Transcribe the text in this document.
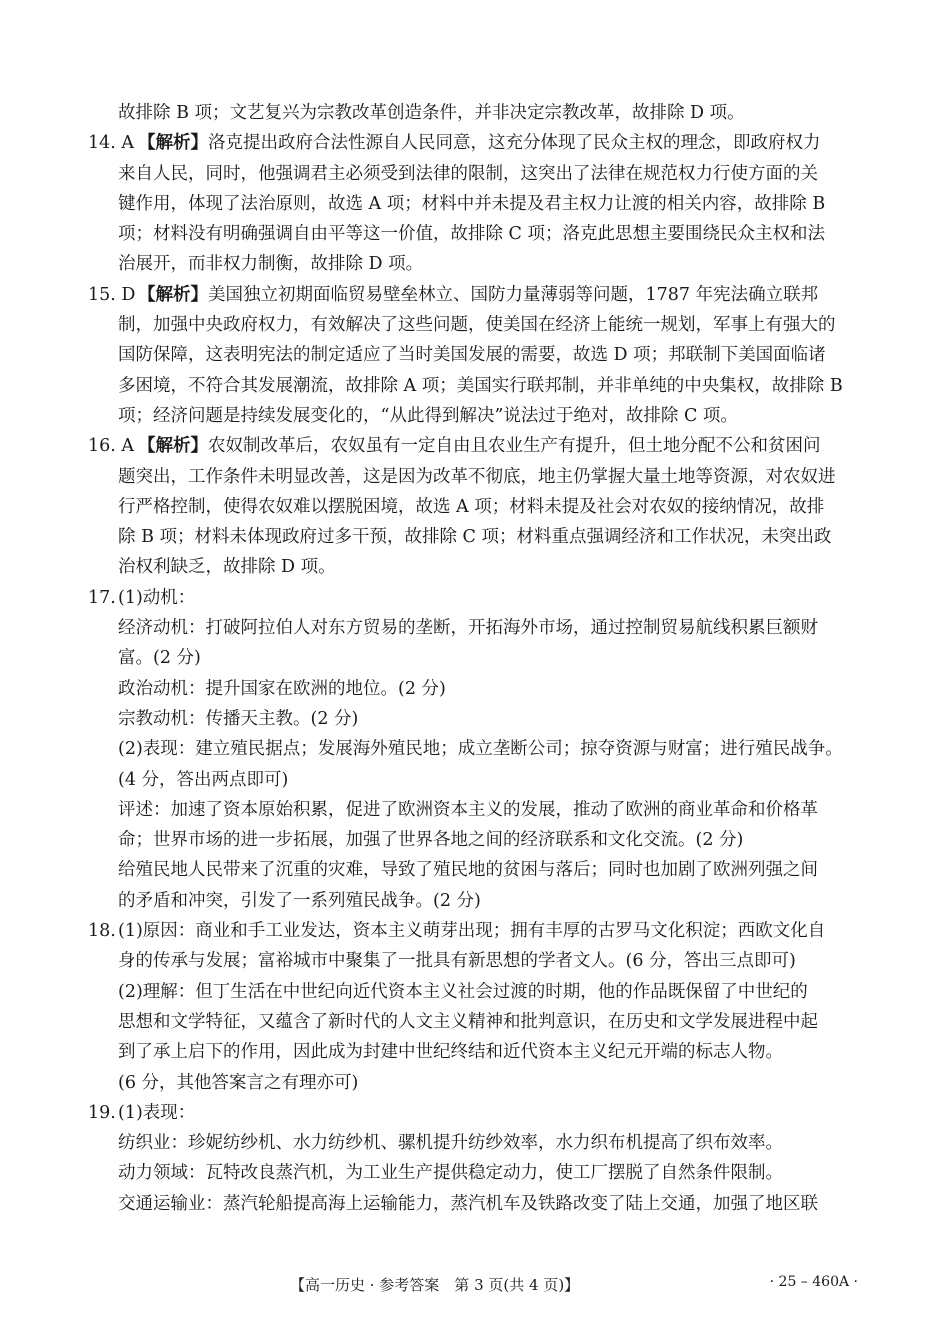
故排除 B 项；文艺复兴为宗教改革创造条件，并非决定宗教改革，故排除 D 项。
14. A 【解析】洛克提出政府合法性源自人民同意，这充分体现了民众主权的理念，即政府权力
来自人民，同时，他强调君主必须受到法律的限制，这突出了法律在规范权力行使方面的关
键作用，体现了法治原则，故选 A 项；材料中并未提及君主权力让渡的相关内容，故排除 B
项；材料没有明确强调自由平等这一价值，故排除 C 项；洛克此思想主要围绕民众主权和法
治展开，而非权力制衡，故排除 D 项。
15. D 【解析】美国独立初期面临贸易壁垒林立、国防力量薄弱等问题，1787 年宪法确立联邦
制，加强中央政府权力，有效解决了这些问题，使美国在经济上能统一规划，军事上有强大的
国防保障，这表明宪法的制定适应了当时美国发展的需要，故选 D 项；邦联制下美国面临诸
多困境，不符合其发展潮流，故排除 A 项；美国实行联邦制，并非单纯的中央集权，故排除 B
项；经济问题是持续发展变化的，“从此得到解决”说法过于绝对，故排除 C 项。
16. A 【解析】农奴制改革后，农奴虽有一定自由且农业生产有提升，但土地分配不公和贫困问
题突出，工作条件未明显改善，这是因为改革不彻底，地主仍掌握大量土地等资源，对农奴进
行严格控制，使得农奴难以摆脱困境，故选 A 项；材料未提及社会对农奴的接纳情况，故排
除 B 项；材料未体现政府过多干预，故排除 C 项；材料重点强调经济和工作状况，未突出政
治权利缺乏，故排除 D 项。
17. (1)动机：
经济动机：打破阿拉伯人对东方贸易的垄断，开拓海外市场，通过控制贸易航线积累巨额财
富。(2 分)
政治动机：提升国家在欧洲的地位。(2 分)
宗教动机：传播天主教。(2 分)
(2)表现：建立殖民据点；发展海外殖民地；成立垄断公司；掠夺资源与财富；进行殖民战争。
(4 分，答出两点即可)
评述：加速了资本原始积累，促进了欧洲资本主义的发展，推动了欧洲的商业革命和价格革
命；世界市场的进一步拓展，加强了世界各地之间的经济联系和文化交流。(2 分)
给殖民地人民带来了沉重的灾难，导致了殖民地的贫困与落后；同时也加剧了欧洲列强之间
的矛盾和冲突，引发了一系列殖民战争。(2 分)
18. (1)原因：商业和手工业发达，资本主义萌芽出现；拥有丰厚的古罗马文化积淀；西欧文化自
身的传承与发展；富裕城市中聚集了一批具有新思想的学者文人。(6 分，答出三点即可)
(2)理解：但丁生活在中世纪向近代资本主义社会过渡的时期，他的作品既保留了中世纪的
思想和文学特征，又蕴含了新时代的人文主义精神和批判意识，在历史和文学发展进程中起
到了承上启下的作用，因此成为封建中世纪终结和近代资本主义纪元开端的标志人物。
(6 分，其他答案言之有理亦可)
19. (1)表现：
纺织业：珍妮纺纱机、水力纺纱机、骡机提升纺纱效率，水力织布机提高了织布效率。
动力领域：瓦特改良蒸汽机，为工业生产提供稳定动力，使工厂摆脱了自然条件限制。
交通运输业：蒸汽轮船提高海上运输能力，蒸汽机车及铁路改变了陆上交通，加强了地区联
【高一历史 · 参考答案　第 3 页(共 4 页)】	· 25 – 460A ·
